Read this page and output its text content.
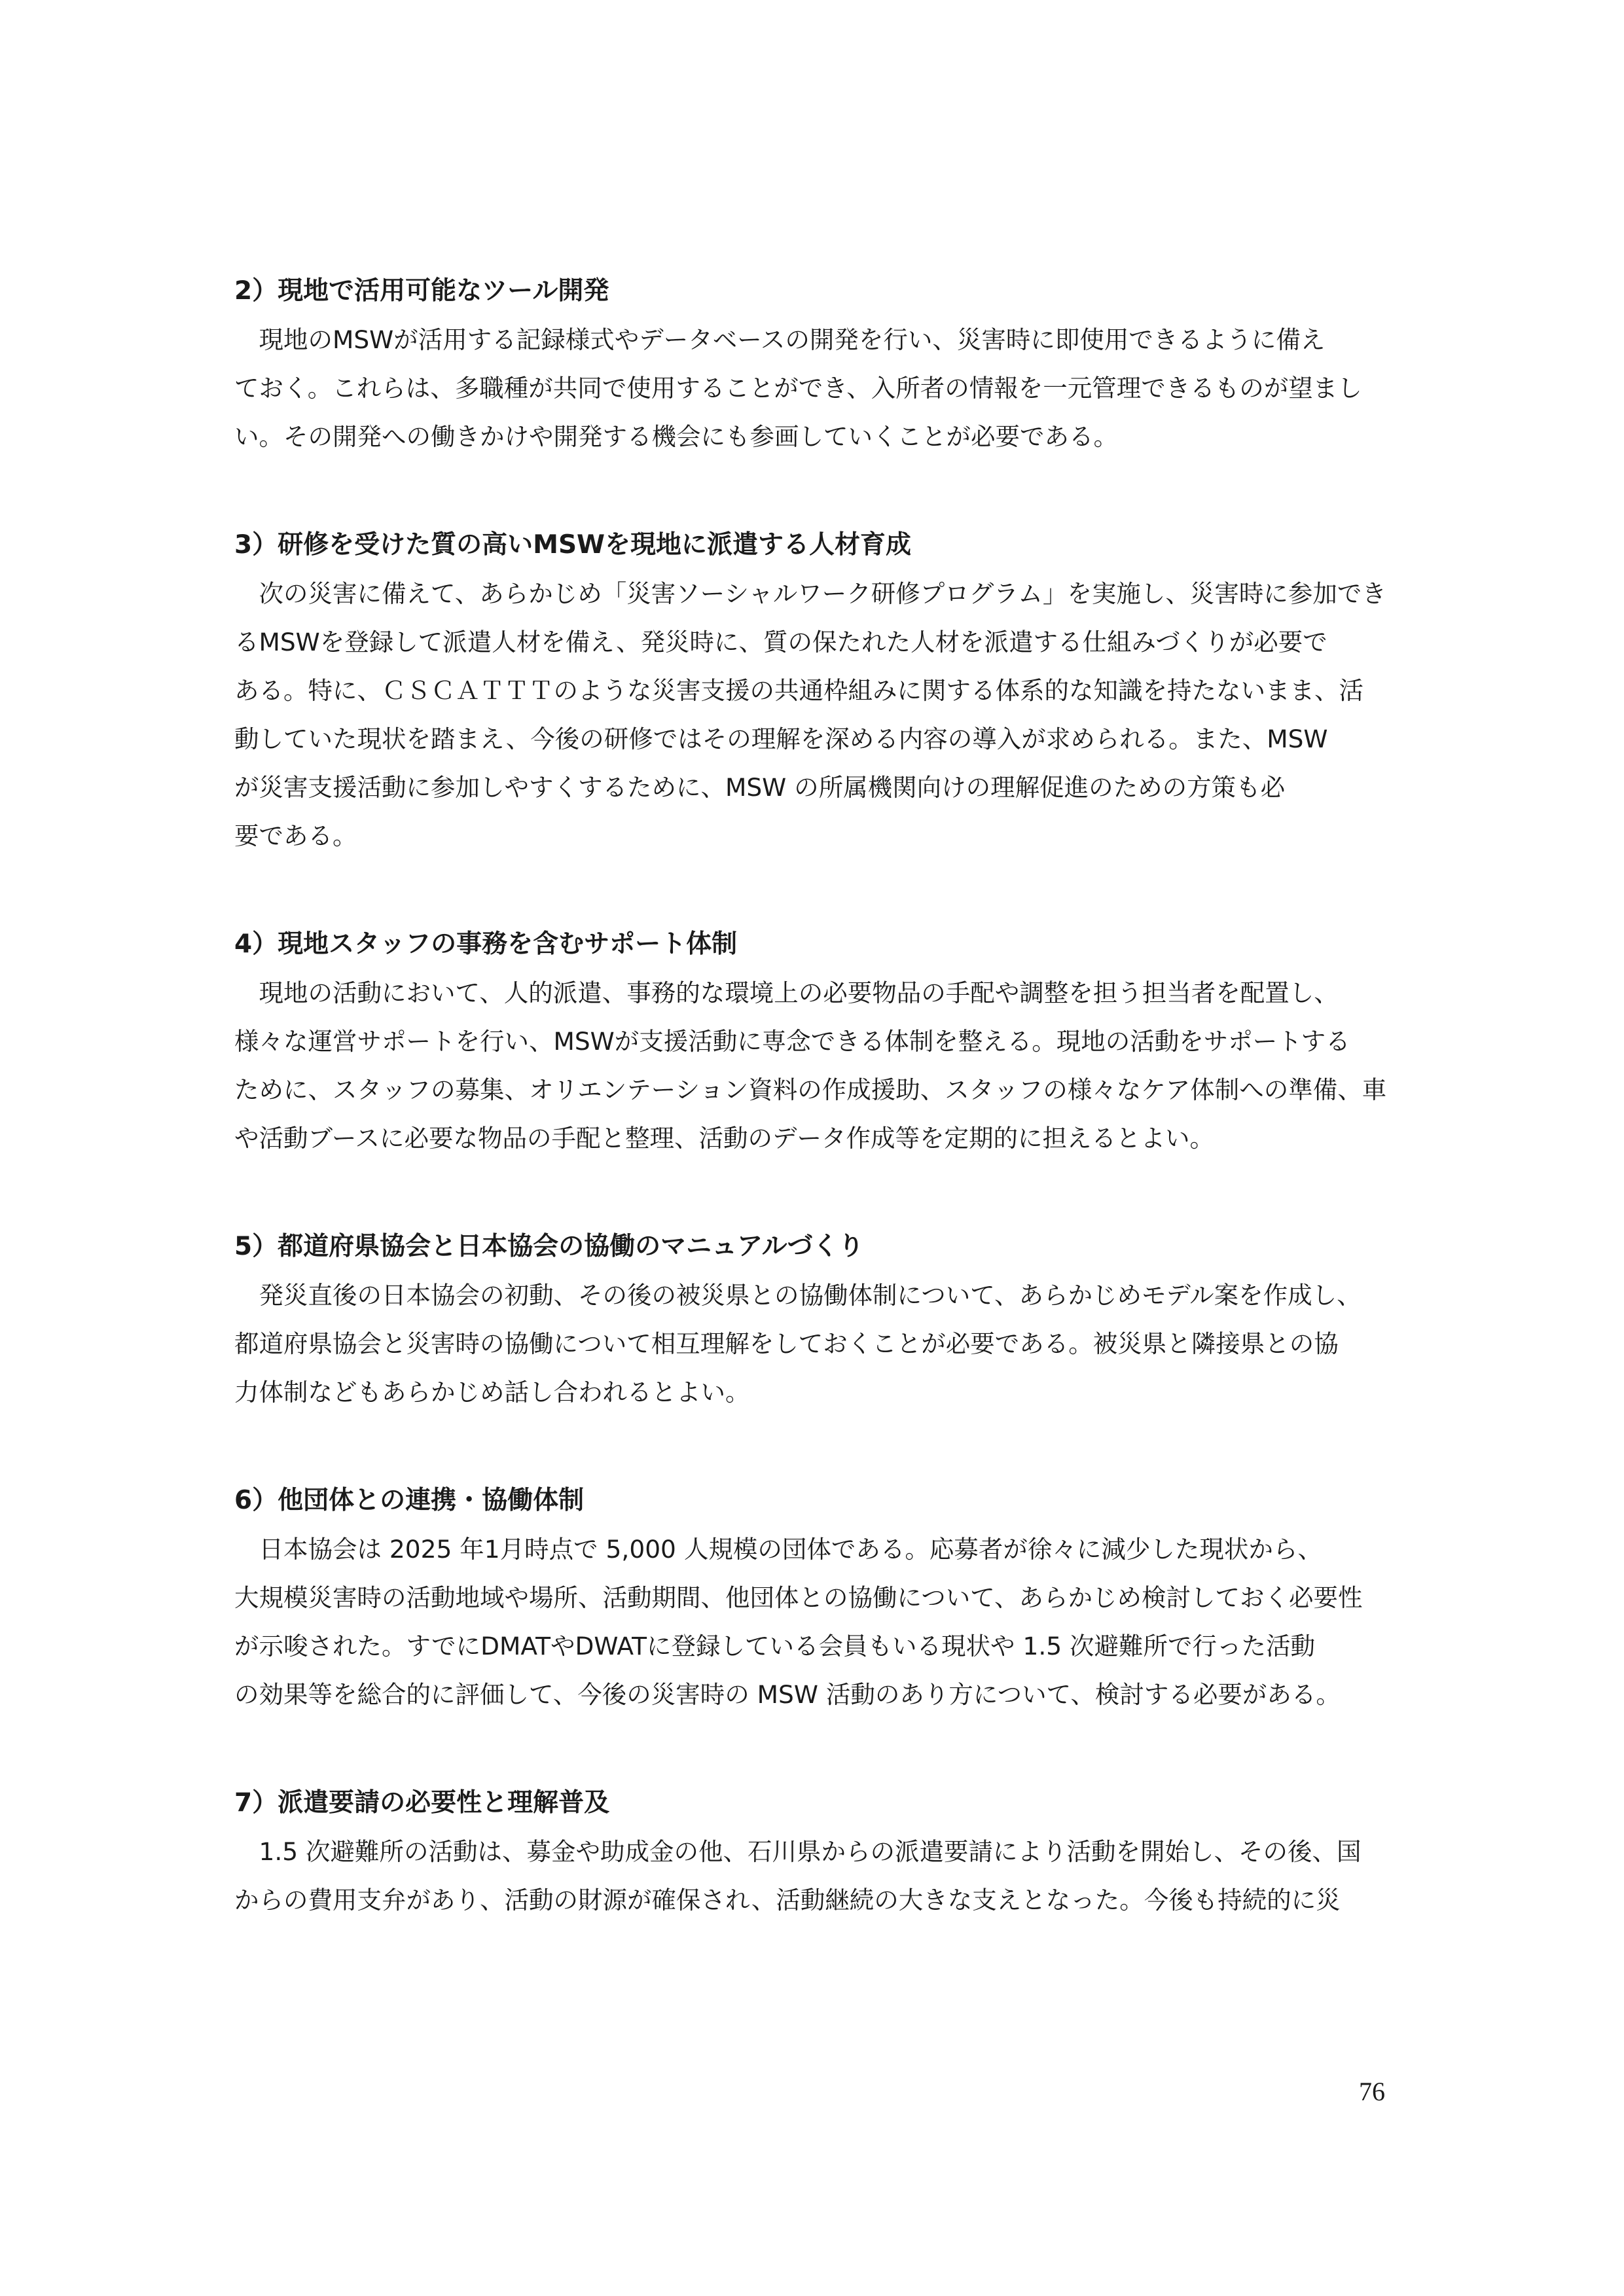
2）現地で活用可能なツール開発

　現地のMSWが活用する記録様式やデータベースの開発を行い、災害時に即使用できるように備え

ておく。これらは、多職種が共同で使用することができ、入所者の情報を一元管理できるものが望まし

い。その開発への働きかけや開発する機会にも参画していくことが必要である。

3）研修を受けた質の高いMSWを現地に派遣する人材育成

　次の災害に備えて、あらかじめ「災害ソーシャルワーク研修プログラム」を実施し、災害時に参加でき

るMSWを登録して派遣人材を備え、発災時に、質の保たれた人材を派遣する仕組みづくりが必要で

ある。特に、ＣＳＣＡＴＴＴのような災害支援の共通枠組みに関する体系的な知識を持たないまま、活

動していた現状を踏まえ、今後の研修ではその理解を深める内容の導入が求められる。また、MSW

が災害支援活動に参加しやすくするために、MSW の所属機関向けの理解促進のための方策も必

要である。

4）現地スタッフの事務を含むサポート体制

　現地の活動において、人的派遣、事務的な環境上の必要物品の手配や調整を担う担当者を配置し、

様々な運営サポートを行い、MSWが支援活動に専念できる体制を整える。現地の活動をサポートする

ために、スタッフの募集、オリエンテーション資料の作成援助、スタッフの様々なケア体制への準備、車

や活動ブースに必要な物品の手配と整理、活動のデータ作成等を定期的に担えるとよい。

5）都道府県協会と日本協会の協働のマニュアルづくり

　発災直後の日本協会の初動、その後の被災県との協働体制について、あらかじめモデル案を作成し、

都道府県協会と災害時の協働について相互理解をしておくことが必要である。被災県と隣接県との協

力体制などもあらかじめ話し合われるとよい。

6）他団体との連携・協働体制

　日本協会は 2025 年1月時点で 5,000 人規模の団体である。応募者が徐々に減少した現状から、

大規模災害時の活動地域や場所、活動期間、他団体との協働について、あらかじめ検討しておく必要性

が示唆された。すでにDMATやDWATに登録している会員もいる現状や 1.5 次避難所で行った活動

の効果等を総合的に評価して、今後の災害時の MSW 活動のあり方について、検討する必要がある。

7）派遣要請の必要性と理解普及

　1.5 次避難所の活動は、募金や助成金の他、石川県からの派遣要請により活動を開始し、その後、国

からの費用支弁があり、活動の財源が確保され、活動継続の大きな支えとなった。今後も持続的に災

76
